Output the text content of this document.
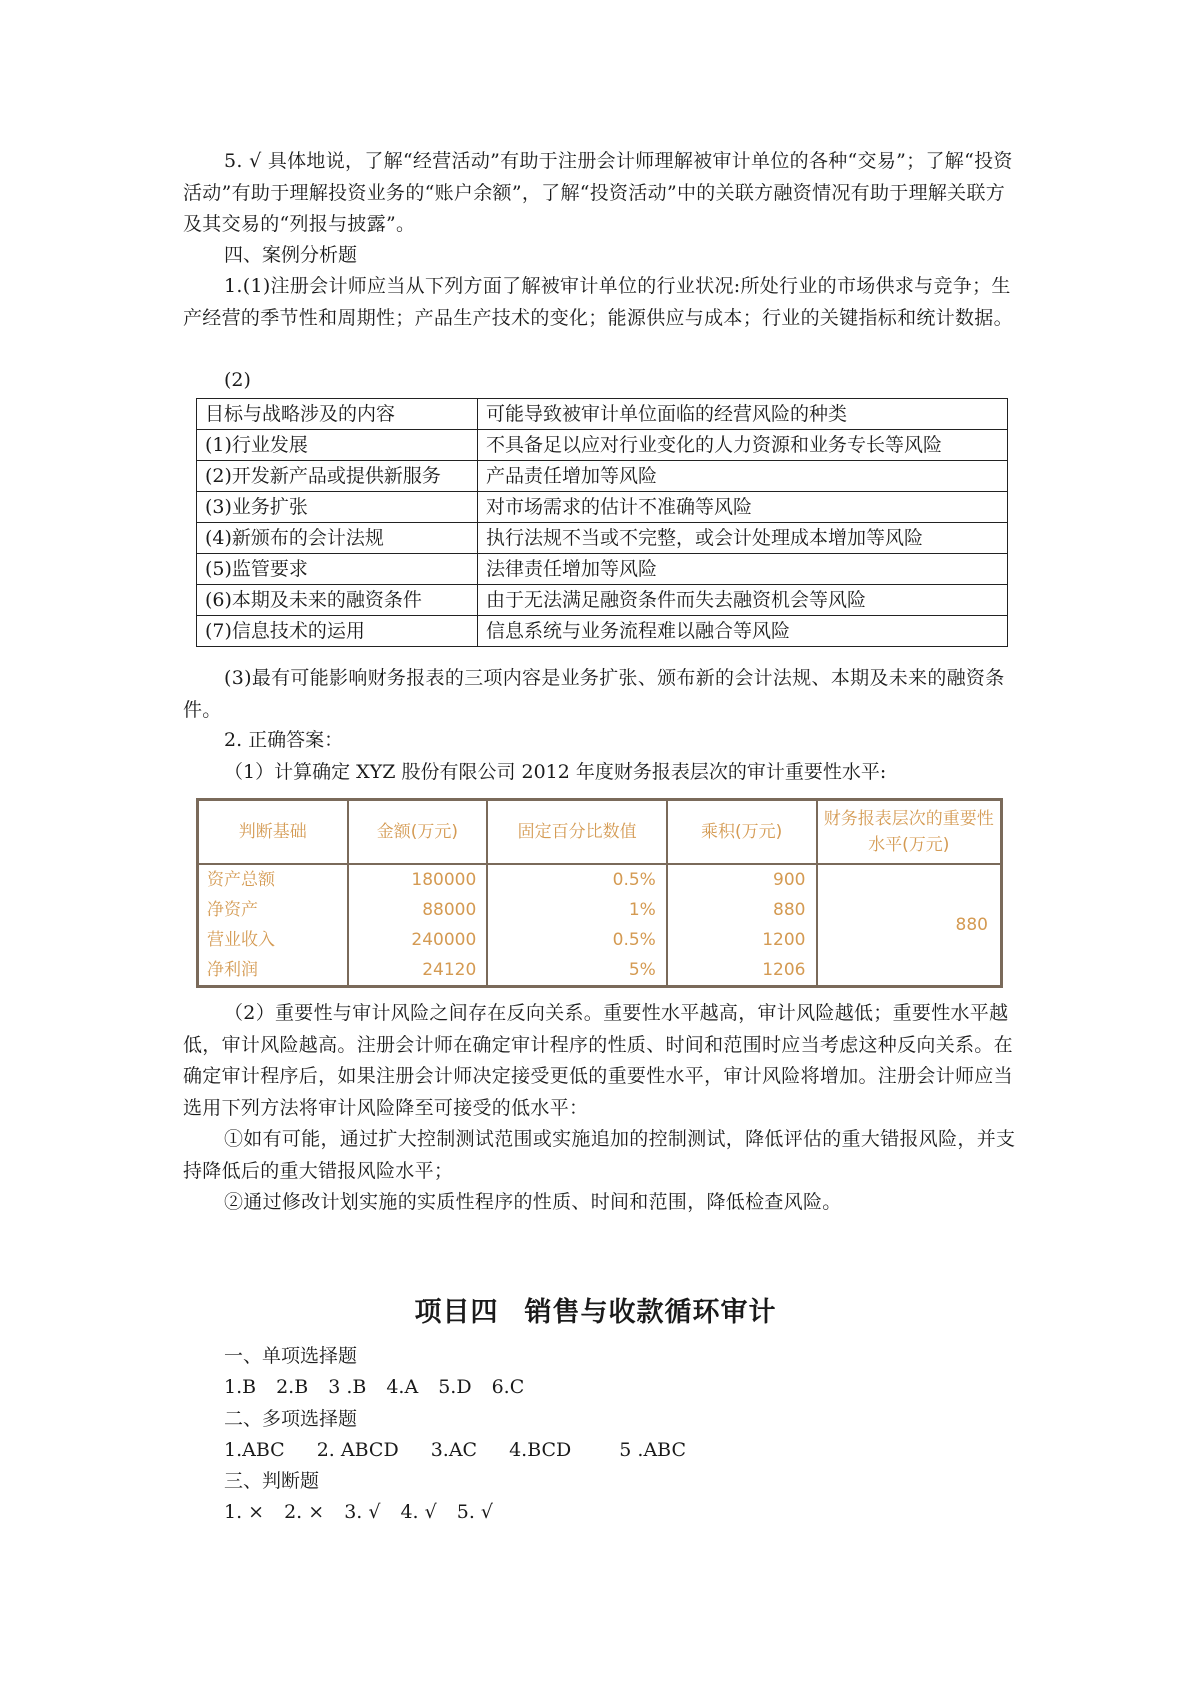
5. √ 具体地说，了解“经营活动”有助于注册会计师理解被审计单位的各种“交易”；了解“投资活动”有助于理解投资业务的“账户余额”，了解“投资活动”中的关联方融资情况有助于理解关联方及其交易的“列报与披露”。

四、案例分析题

1.(1)注册会计师应当从下列方面了解被审计单位的行业状况:所处行业的市场供求与竞争；生产经营的季节性和周期性；产品生产技术的变化；能源供应与成本；行业的关键指标和统计数据。

(2)

目标与战略涉及的内容	可能导致被审计单位面临的经营风险的种类
(1)行业发展	不具备足以应对行业变化的人力资源和业务专长等风险
(2)开发新产品或提供新服务	产品责任增加等风险
(3)业务扩张	对市场需求的估计不准确等风险
(4)新颁布的会计法规	执行法规不当或不完整，或会计处理成本增加等风险
(5)监管要求	法律责任增加等风险
(6)本期及未来的融资条件	由于无法满足融资条件而失去融资机会等风险
(7)信息技术的运用	信息系统与业务流程难以融合等风险

(3)最有可能影响财务报表的三项内容是业务扩张、颁布新的会计法规、本期及未来的融资条件。

2. 正确答案：

（1）计算确定 XYZ 股份有限公司 2012 年度财务报表层次的审计重要性水平:

判断基础	金额(万元)	固定百分比数值	乘积(万元)	财务报表层次的重要性水平(万元)
资产总额	180000	0.5%	900	880
净资产	88000	1%	880	
营业收入	240000	0.5%	1200	
净利润	24120	5%	1206	

（2）重要性与审计风险之间存在反向关系。重要性水平越高，审计风险越低；重要性水平越低，审计风险越高。注册会计师在确定审计程序的性质、时间和范围时应当考虑这种反向关系。在确定审计程序后，如果注册会计师决定接受更低的重要性水平，审计风险将增加。注册会计师应当选用下列方法将审计风险降至可接受的低水平：

①如有可能，通过扩大控制测试范围或实施追加的控制测试，降低评估的重大错报风险，并支持降低后的重大错报风险水平；

②通过修改计划实施的实质性程序的性质、时间和范围，降低检查风险。

项目四 销售与收款循环审计

一、单项选择题

1.B 2.B 3 .B 4.A 5.D 6.C

二、多项选择题

1.ABC 2. ABCD 3.AC 4.BCD	5 .ABC

三、判断题

1. × 2. × 3. √ 4. √ 5. √
